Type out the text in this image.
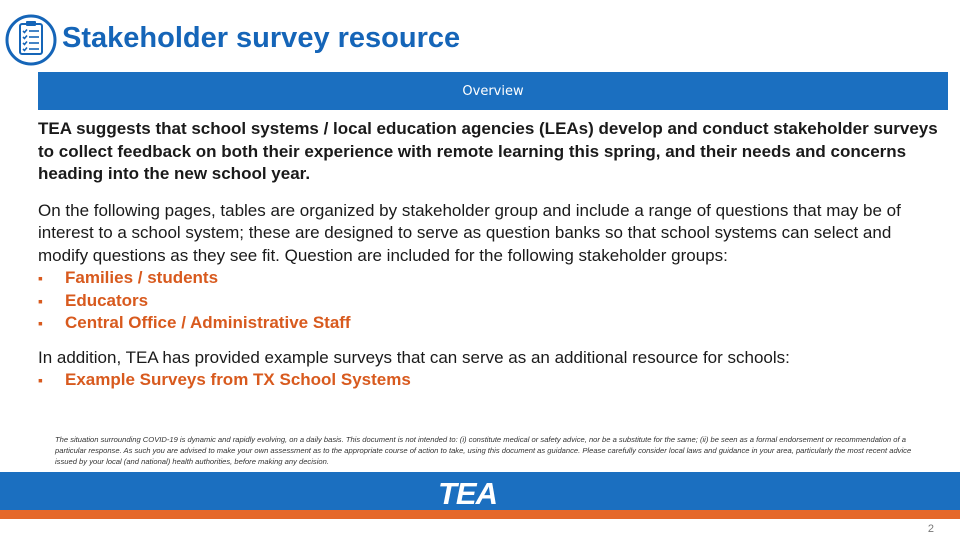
Stakeholder survey resource
Overview

TEA suggests that school systems / local education agencies (LEAs) develop and conduct stakeholder surveys to collect feedback on both their experience with remote learning this spring, and their needs and concerns heading into the new school year.

On the following pages, tables are organized by stakeholder group and include a range of questions that may be of interest to a school system; these are designed to serve as question banks so that school systems can select and modify questions as they see fit. Question are included for the following stakeholder groups:

▪ Families / students
▪ Educators
▪ Central Office / Administrative Staff

In addition, TEA has provided example surveys that can serve as an additional resource for schools:

▪ Example Surveys from TX School Systems
The situation surrounding COVID-19 is dynamic and rapidly evolving, on a daily basis. This document is not intended to: (i) constitute medical or safety advice, nor be a substitute for the same; (ii) be seen as a formal endorsement or recommendation of a particular response. As such you are advised to make your own assessment as to the appropriate course of action to take, using this document as guidance. Please carefully consider local laws and guidance in your area, particularly the most recent advice issued by your local (and national) health authorities, before making any decision.
TEA
2
